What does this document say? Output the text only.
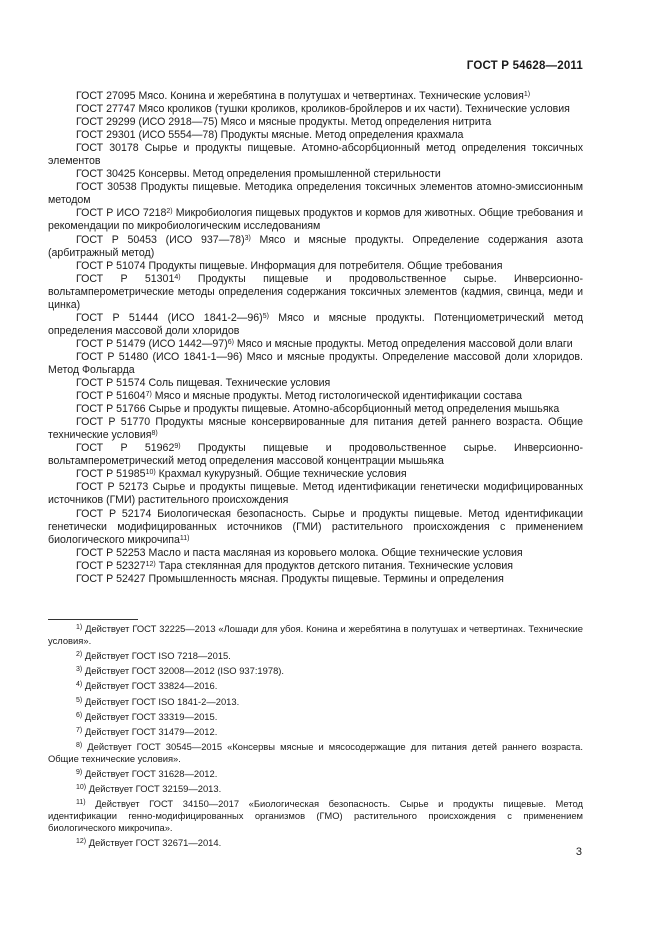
ГОСТ Р 54628—2011

ГОСТ 27095 Мясо. Конина и жеребятина в полутушах и четвертинах. Технические условия$^{1)}$

ГОСТ 27747 Мясо кроликов (тушки кроликов, кроликов-бройлеров и их части). Технические условия

ГОСТ 29299 (ИСО 2918—75) Мясо и мясные продукты. Метод определения нитрита

ГОСТ 29301 (ИСО 5554—78) Продукты мясные. Метод определения крахмала

ГОСТ 30178 Сырье и продукты пищевые. Атомно-абсорбционный метод определения токсичных элементов

ГОСТ 30425 Консервы. Метод определения промышленной стерильности

ГОСТ 30538 Продукты пищевые. Методика определения токсичных элементов атомно-эмиссионным методом

ГОСТ Р ИСО 7218$^{2)}$ Микробиология пищевых продуктов и кормов для животных. Общие требования и рекомендации по микробиологическим исследованиям

ГОСТ Р 50453 (ИСО 937—78)$^{3)}$ Мясо и мясные продукты. Определение содержания азота (арбитражный метод)

ГОСТ Р 51074 Продукты пищевые. Информация для потребителя. Общие требования

ГОСТ Р 51301$^{4)}$ Продукты пищевые и продовольственное сырье. Инверсионно-вольтамперометрические методы определения содержания токсичных элементов (кадмия, свинца, меди и цинка)

ГОСТ Р 51444 (ИСО 1841-2—96)$^{5)}$ Мясо и мясные продукты. Потенциометрический метод определения массовой доли хлоридов

ГОСТ Р 51479 (ИСО 1442—97)$^{6)}$ Мясо и мясные продукты. Метод определения массовой доли влаги

ГОСТ Р 51480 (ИСО 1841-1—96) Мясо и мясные продукты. Определение массовой доли хлоридов. Метод Фольгарда

ГОСТ Р 51574 Соль пищевая. Технические условия

ГОСТ Р 51604$^{7)}$ Мясо и мясные продукты. Метод гистологической идентификации состава

ГОСТ Р 51766 Сырье и продукты пищевые. Атомно-абсорбционный метод определения мышьяка

ГОСТ Р 51770 Продукты мясные консервированные для питания детей раннего возраста. Общие технические условия$^{8)}$

ГОСТ Р 51962$^{9)}$ Продукты пищевые и продовольственное сырье. Инверсионно-вольтамперометрический метод определения массовой концентрации мышьяка

ГОСТ Р 51985$^{10)}$ Крахмал кукурузный. Общие технические условия

ГОСТ Р 52173 Сырье и продукты пищевые. Метод идентификации генетически модифицированных источников (ГМИ) растительного происхождения

ГОСТ Р 52174 Биологическая безопасность. Сырье и продукты пищевые. Метод идентификации генетически модифицированных источников (ГМИ) растительного происхождения с применением биологического микрочипа$^{11)}$

ГОСТ Р 52253 Масло и паста масляная из коровьего молока. Общие технические условия

ГОСТ Р 52327$^{12)}$ Тара стеклянная для продуктов детского питания. Технические условия

ГОСТ Р 52427 Промышленность мясная. Продукты пищевые. Термины и определения

$^{1)}$ Действует ГОСТ 32225—2013 «Лошади для убоя. Конина и жеребятина в полутушах и четвертинах. Технические условия».

$^{2)}$ Действует ГОСТ ISO 7218—2015.

$^{3)}$ Действует ГОСТ 32008—2012 (ISO 937:1978).

$^{4)}$ Действует ГОСТ 33824—2016.

$^{5)}$ Действует ГОСТ ISO 1841-2—2013.

$^{6)}$ Действует ГОСТ 33319—2015.

$^{7)}$ Действует ГОСТ 31479—2012.

$^{8)}$ Действует ГОСТ 30545—2015 «Консервы мясные и мясосодержащие для питания детей раннего возраста. Общие технические условия».

$^{9)}$ Действует ГОСТ 31628—2012.

$^{10)}$ Действует ГОСТ 32159—2013.

$^{11)}$ Действует ГОСТ 34150—2017 «Биологическая безопасность. Сырье и продукты пищевые. Метод идентификации генно-модифицированных организмов (ГМО) растительного происхождения с применением биологического микрочипа».

$^{12)}$ Действует ГОСТ 32671—2014.

3
